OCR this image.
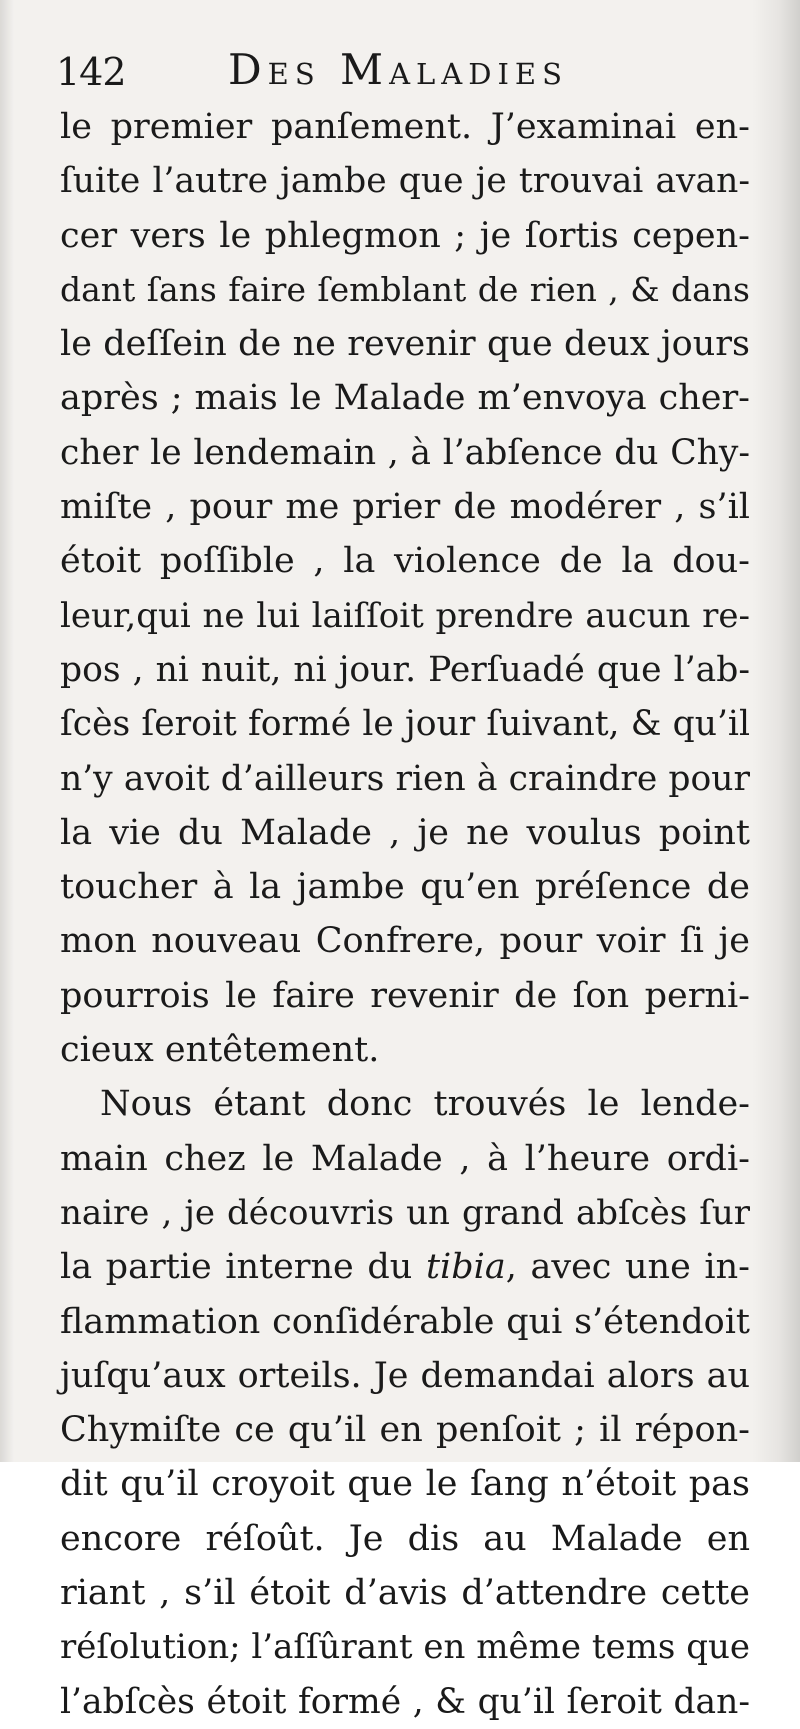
142 Des Maladies
le premier panſement. J’examinai en-
ſuite l’autre jambe que je trouvai avan-
cer vers le phlegmon ; je ſortis cepen-
dant ſans faire ſemblant de rien , & dans
le deſſein de ne revenir que deux jours
après ; mais le Malade m’envoya cher-
cher le lendemain , à l’abſence du Chy-
miſte , pour me prier de modérer , s’il
étoit poſſible , la violence de la dou-
leur,qui ne lui laiſſoit prendre aucun re-
pos , ni nuit, ni jour. Perſuadé que l’ab-
ſcès ſeroit formé le jour ſuivant, & qu’il
n’y avoit d’ailleurs rien à craindre pour
la vie du Malade , je ne voulus point
toucher à la jambe qu’en préſence de
mon nouveau Confrere, pour voir ſi je
pourrois le faire revenir de ſon perni-
cieux entêtement.
Nous étant donc trouvés le lende-
main chez le Malade , à l’heure ordi-
naire , je découvris un grand abſcès ſur
la partie interne du tibia, avec une in-
flammation conſidérable qui s’étendoit
juſqu’aux orteils. Je demandai alors au
Chymiſte ce qu’il en penſoit ; il répon-
dit qu’il croyoit que le ſang n’étoit pas
encore réſoût. Je dis au Malade en
riant , s’il étoit d’avis d’attendre cette
réſolution; l’aſſûrant en même tems que
l’abſcès étoit formé , & qu’il ſeroit dan-
